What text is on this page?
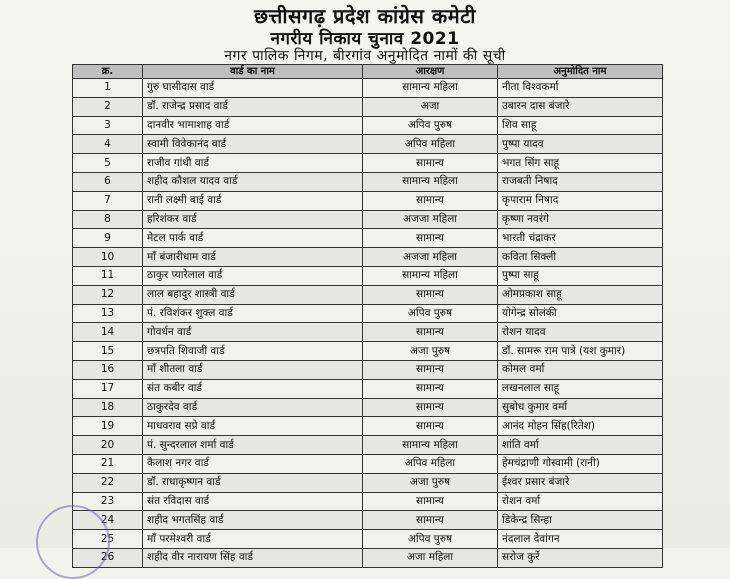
छत्तीसगढ़ प्रदेश कांग्रेस कमेटी
नगरीय निकाय चुनाव 2021
नगर पालिक निगम, बीरगांव अनुमोदित नामों की सूची
क्र.	वार्ड का नाम	आरक्षण	अनुमोदित नाम
1	गुरु घासीदास वार्ड	सामान्य महिला	नीता विश्वकर्मा
2	डॉ. राजेन्द्र प्रसाद वार्ड	अजा	उबारन दास बंजारे
3	दानवीर भामाशाह वार्ड	अपिव पुरुष	शिव साहू
4	स्वामी विवेकानंद वार्ड	अपिव महिला	पुष्पा यादव
5	राजीव गांधी वार्ड	सामान्य	भगत सिंग साहू
6	शहीद कौशल यादव वार्ड	सामान्य महिला	राजबती निषाद
7	रानी लक्ष्मी बाई वार्ड	सामान्य	कृपाराम निषाद
8	हरिशंकर वार्ड	अजजा महिला	कृष्णा नवरंगे
9	मेटल पार्क वार्ड	सामान्य	भारती चंद्राकर
10	माँ बंजारीधाम वार्ड	अजजा महिला	कविता सिक्ली
11	ठाकुर प्यारेलाल वार्ड	सामान्य महिला	पुष्पा साहू
12	लाल बहादुर शास्त्री वार्ड	सामान्य	ओमप्रकाश साहू
13	पं. रविशंकर शुक्ल वार्ड	अपिव पुरुष	योगेन्द्र सोलंकी
14	गोवर्धन वार्ड	सामान्य	रोशन यादव
15	छत्रपति शिवाजी वार्ड	अजा पुरुष	डॉ. सामरू राम पात्रे (यश कुमार)
16	माँ शीतला वार्ड	सामान्य	कोमल वर्मा
17	संत कबीर वार्ड	सामान्य	लखनलाल साहू
18	ठाकुरदेव वार्ड	सामान्य	सुबोध कुमार वर्मा
19	माधवराव सप्रे वार्ड	सामान्य	आनंद मोहन सिंह(रितेश)
20	पं. सुन्दरलाल शर्मा वार्ड	सामान्य महिला	शांति वर्मा
21	कैलाश नगर वार्ड	अपिव महिला	हेमचंद्राणी गोस्वामी (रानी)
22	डॉ. राधाकृष्णन वार्ड	अजा पुरुष	ईश्वर प्रसार बंजारे
23	संत रविदास वार्ड	सामान्य	रोशन वर्मा
24	शहीद भगतसिंह वार्ड	सामान्य	डिकेन्द्र सिन्हा
25	माँ परमेश्वरी वार्ड	अपिव पुरुष	नंदलाल देवांगन
26	शहीद वीर नारायण सिंह वार्ड	अजा महिला	सरोज कुर्रे
